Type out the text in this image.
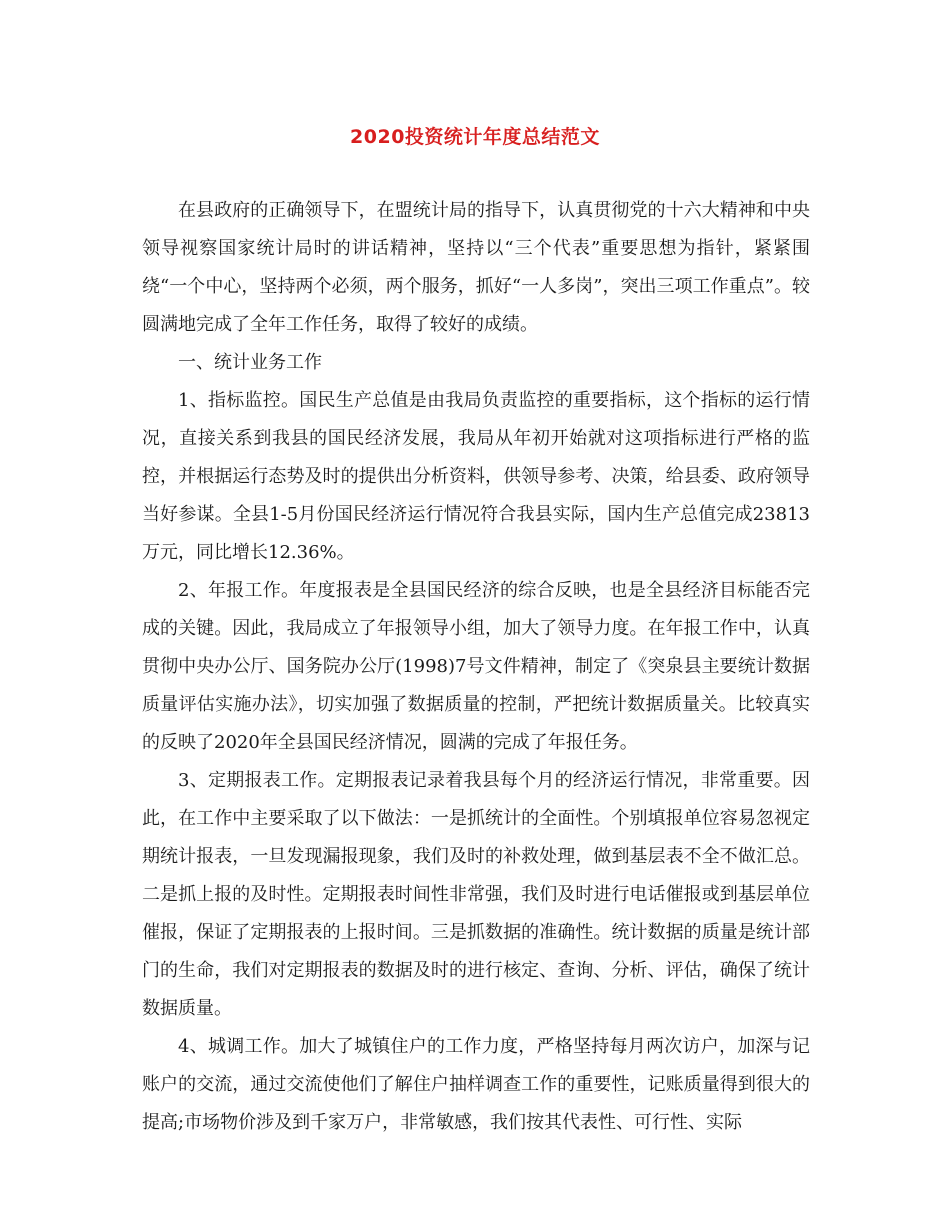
2020投资统计年度总结范文

在县政府的正确领导下，在盟统计局的指导下，认真贯彻党的十六大精神和中央领导视察国家统计局时的讲话精神，坚持以“三个代表”重要思想为指针，紧紧围绕“一个中心，坚持两个必须，两个服务，抓好“一人多岗”，突出三项工作重点”。较圆满地完成了全年工作任务，取得了较好的成绩。

一、统计业务工作

1、指标监控。国民生产总值是由我局负责监控的重要指标，这个指标的运行情况，直接关系到我县的国民经济发展，我局从年初开始就对这项指标进行严格的监控，并根据运行态势及时的提供出分析资料，供领导参考、决策，给县委、政府领导当好参谋。全县1-5月份国民经济运行情况符合我县实际，国内生产总值完成23813万元，同比增长12.36%。

2、年报工作。年度报表是全县国民经济的综合反映，也是全县经济目标能否完成的关键。因此，我局成立了年报领导小组，加大了领导力度。在年报工作中，认真贯彻中央办公厅、国务院办公厅(1998)7号文件精神，制定了《突泉县主要统计数据质量评估实施办法》，切实加强了数据质量的控制，严把统计数据质量关。比较真实的反映了2020年全县国民经济情况，圆满的完成了年报任务。

3、定期报表工作。定期报表记录着我县每个月的经济运行情况，非常重要。因此，在工作中主要采取了以下做法：一是抓统计的全面性。个别填报单位容易忽视定期统计报表，一旦发现漏报现象，我们及时的补救处理，做到基层表不全不做汇总。二是抓上报的及时性。定期报表时间性非常强，我们及时进行电话催报或到基层单位催报，保证了定期报表的上报时间。三是抓数据的准确性。统计数据的质量是统计部门的生命，我们对定期报表的数据及时的进行核定、查询、分析、评估，确保了统计数据质量。

4、城调工作。加大了城镇住户的工作力度，严格坚持每月两次访户，加深与记账户的交流，通过交流使他们了解住户抽样调查工作的重要性，记账质量得到很大的提高;市场物价涉及到千家万户，非常敏感，我们按其代表性、可行性、实际
